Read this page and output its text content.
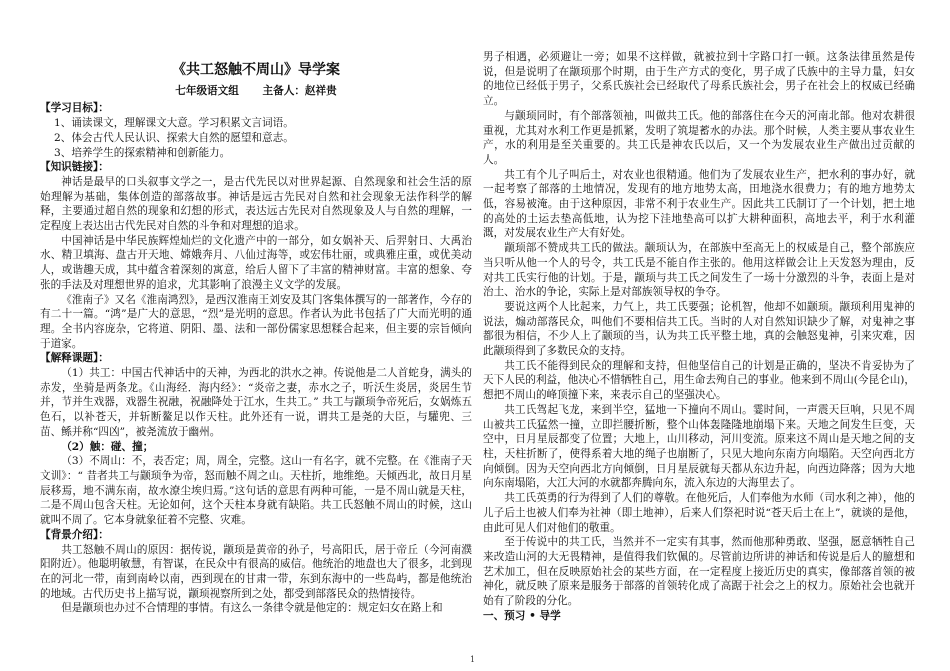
《共工怒触不周山》导学案
七年级语文组 主备人：赵祥贵
【学习目标】：

1、诵读课文，理解课文大意。学习积累文言词语。

2、体会古代人民认识、探索大自然的愿望和意志。

3、培养学生的探索精神和创新能力。

【知识链接】：

神话是最早的口头叙事文学之一，是古代先民以对世界起源、自然现象和社会生活的原始理解为基础，集体创造的部落故事。神话是远古先民对自然和社会现象无法作科学的解释，主要通过超自然的现象和幻想的形式，表达远古先民对自然现象及人与自然的理解，一定程度上表达出古代先民对自然的斗争和对理想的追求。

中国神话是中华民族辉煌灿烂的文化遗产中的一部分，如女娲补天、后羿射日、大禹治水、精卫填海、盘古开天地、嫦娥奔月、八仙过海等，或宏伟壮丽，或典雅庄重，或优美动人，或谐趣天成，其中蕴含着深刻的寓意，给后人留下了丰富的精神财富。丰富的想象、夸张的手法及对理想世界的追求，尤其影响了浪漫主义文学的发展。

《淮南子》又名《淮南鸿烈》，是西汉淮南王刘安及其门客集体撰写的一部著作，今存的有二十一篇。“鸿”是广大的意思，“烈”是光明的意思。作者认为此书包括了广大而光明的通理。全书内容庞杂，它将道、阴阳、墨、法和一部份儒家思想糅合起来，但主要的宗旨倾向于道家。

【解释课题】：

（1）共工：中国古代神话中的天神，为西北的洪水之神。传说他是二人首蛇身，满头的赤发，坐骑是两条龙。《山海经．海内经》：“炎帝之妻，赤水之子，听沃生炎居，炎居生节并，节并生戏器，戏器生祝融，祝融降处于江水，生共工。” 共工与颛顼争帝死后，女娲炼五色石，以补苍天，并斩断鳌足以作天柱。此外还有一说，谓共工是尧的大臣，与驩兜、三苗、鲧并称“四凶”，被尧流放于幽州。

（2）触：碰、撞；

（3）不周山：不，表否定；周，周全，完整。这山一有名字，就不完整。在《淮南子天文训》：“ 昔者共工与颛顼争为帝，怒而触不周之山。天柱折，地维绝。天倾西北，故日月星辰移焉，地不满东南，故水潦尘埃归焉。”这句话的意思有两种可能，一是不周山就是天柱，二是不周山包含天柱。无论如何，这个天柱本身就有缺陷。共工氏怒触不周山的时候，这山就叫不周了。它本身就象征着不完整、灾难。

【背景介绍】：

共工怒触不周山的原因：据传说，颛顼是黄帝的孙子，号高阳氏，居于帝丘（今河南濮阳附近）。他聪明敏慧，有智谋，在民众中有很高的威信。他统治的地盘也大了很多，北到现在的河北一带，南到南岭以南，西到现在的甘肃一带，东到东海中的一些岛屿，都是他统治的地域。古代历史书上描写说，颛顼视察所到之处，都受到部落民众的热情接待。

但是颛顼也办过不合情理的事情。有这么一条律令就是他定的：规定妇女在路上和

男子相遇，必须避让一旁；如果不这样做，就被拉到十字路口打一顿。这条法律虽然是传说，但是说明了在颛顼那个时期，由于生产方式的变化，男子成了氏族中的主导力量，妇女的地位已经低于男子，父系氏族社会已经取代了母系氏族社会，男子在社会上的权威已经确立。

与颛顼同时，有个部落领袖，叫做共工氏。他的部落住在今天的河南北部。他对农耕很重视，尤其对水利工作更是抓紧，发明了筑堤蓄水的办法。那个时候，人类主要从事农业生产，水的利用是至关重要的。共工氏是神农氏以后，又一个为发展农业生产做出过贡献的人。

共工有个儿子叫后土，对农业也很精通。他们为了发展农业生产，把水利的事办好，就一起考察了部落的土地情况，发现有的地方地势太高，田地浇水很费力；有的地方地势太低，容易被淹。由于这种原因，非常不利于农业生产。因此共工氏制订了一个计划，把土地的高处的土运去垫高低地，认为挖下洼地垫高可以扩大耕种面积，高地去平，利于水利灌溉，对发展农业生产大有好处。

颛顼部不赞成共工氏的做法。颛顼认为，在部族中至高无上的权威是自己，整个部族应当只听从他一个人的号令，共工氏是不能自作主张的。他用这样做会让上天发怒为理由，反对共工氏实行他的计划。于是，颛顼与共工氏之间发生了一场十分激烈的斗争，表面上是对治土、治水的争论，实际上是对部族领导权的争夺。

要说这两个人比起来，力气上，共工氏要强；论机智，他却不如颛顼。颛顼利用鬼神的说法，煽动部落民众，叫他们不要相信共工氏。当时的人对自然知识缺少了解，对鬼神之事都很为相信，不少人上了颛顼的当，认为共工氏平整土地，真的会触怒鬼神，引来灾难，因此颛顼得到了多数民众的支持。

共工氏不能得到民众的理解和支持，但他坚信自己的计划是正确的，坚决不肯妥协为了天下人民的利益，他决心不惜牺牲自己，用生命去殉自己的事业。他来到不周山(今昆仑山)，想把不周山的峰顶撞下来，来表示自己的坚强决心。

共工氏驾起飞龙，来到半空，猛地一下撞向不周山。霎时间，一声震天巨响，只见不周山被共工氏猛然一撞，立即拦腰折断，整个山体轰隆隆地崩塌下来。天地之间发生巨变，天空中，日月星辰都变了位置；大地上，山川移动，河川变流。原来这不周山是天地之间的支柱，天柱折断了，使得系着大地的绳子也崩断了，只见大地向东南方向塌陷。天空向西北方向倾倒。因为天空向西北方向倾倒，日月星辰就每天都从东边升起，向西边降落；因为大地向东南塌陷，大江大河的水就都奔腾向东，流入东边的大海里去了。

共工氏英勇的行为得到了人们的尊敬。在他死后，人们奉他为水师（司水利之神），他的儿子后土也被人们奉为社神（即土地神），后来人们祭祀时说“苍天后土在上”，就谈的是他，由此可见人们对他们的敬重。

至于传说中的共工氏，当然并不一定实有其事，然而他那种勇敢、坚强，愿意牺牲自己来改造山河的大无畏精神，是值得我们钦佩的。尽管前边所讲的神话和传说是后人的臆想和艺术加工，但在反映原始社会的某些方面，在一定程度上接近历史的真实，像部落首领的被神化，就反映了原来是服务于部落的首领转化成了高踞于社会之上的权力。原始社会也就开始有了阶段的分化。

一、预习 • 导学
1
